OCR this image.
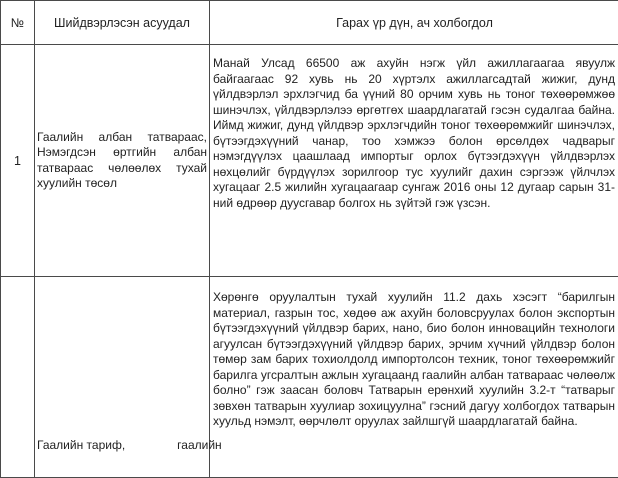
№	Шийдвэрлэсэн асуудал	Гарах үр дүн, ач холбогдол
1	Гаалийн албан татвараас, Нэмэгдсэн өртгийн албан татвараас чөлөөлөх тухай хуулийн төсөл	Манай Улсад 66500 аж ахуйн нэгж үйл ажиллагаагаа явуулж байгаагаас 92 хувь нь 20 хүртэлх ажиллагсадтай жижиг, дунд үйлдвэрлэл эрхлэгчид ба үүний 80 орчим хувь нь тоног төхөөрөмжөө шинэчлэх, үйлдвэрлэлээ өргөтгөх шаардлагатай гэсэн судалгаа байна. Иймд жижиг, дунд үйлдвэр эрхлэгчдийн тоног төхөөрөмжийг шинэчлэх, бүтээгдэхүүний чанар, тоо хэмжээ болон өрсөлдөх чадварыг нэмэгдүүлэх цаашлаад импортыг орлох бүтээгдэхүүн үйлдвэрлэх нөхцөлийг бүрдүүлэх зорилгоор тус хуулийг дахин сэргээж үйлчлэх хугацааг 2.5 жилийн хугацаагаар сунгаж 2016 оны 12 дугаар сарын 31-ний өдрөөр дуусгавар болгох нь зүйтэй гэж үзсэн.

	Гаалийн тариф, гаалийн	Хөрөнгө оруулалтын тухай хуулийн 11.2 дахь хэсэгт “барилгын материал, газрын тос, хөдөө аж ахуйн боловсруулах болон экспортын бүтээгдэхүүний үйлдвэр барих, нано, био болон инновацийн технологи агуулсан бүтээгдэхүүний үйлдвэр барих, эрчим хүчний үйлдвэр болон төмөр зам барих тохиолдолд импортолсон техник, тоног төхөөрөмжийг барилга угсралтын ажлын хугацаанд гаалийн албан татвараас чөлөөлж болно” гэж заасан боловч Татварын ерөнхий хуулийн 3.2-т “татварыг зөвхөн татварын хуулиар зохицуулна” гэсний дагуу холбогдох татварын хуульд нэмэлт, өөрчлөлт оруулах зайлшгүй шаардлагатай байна.
